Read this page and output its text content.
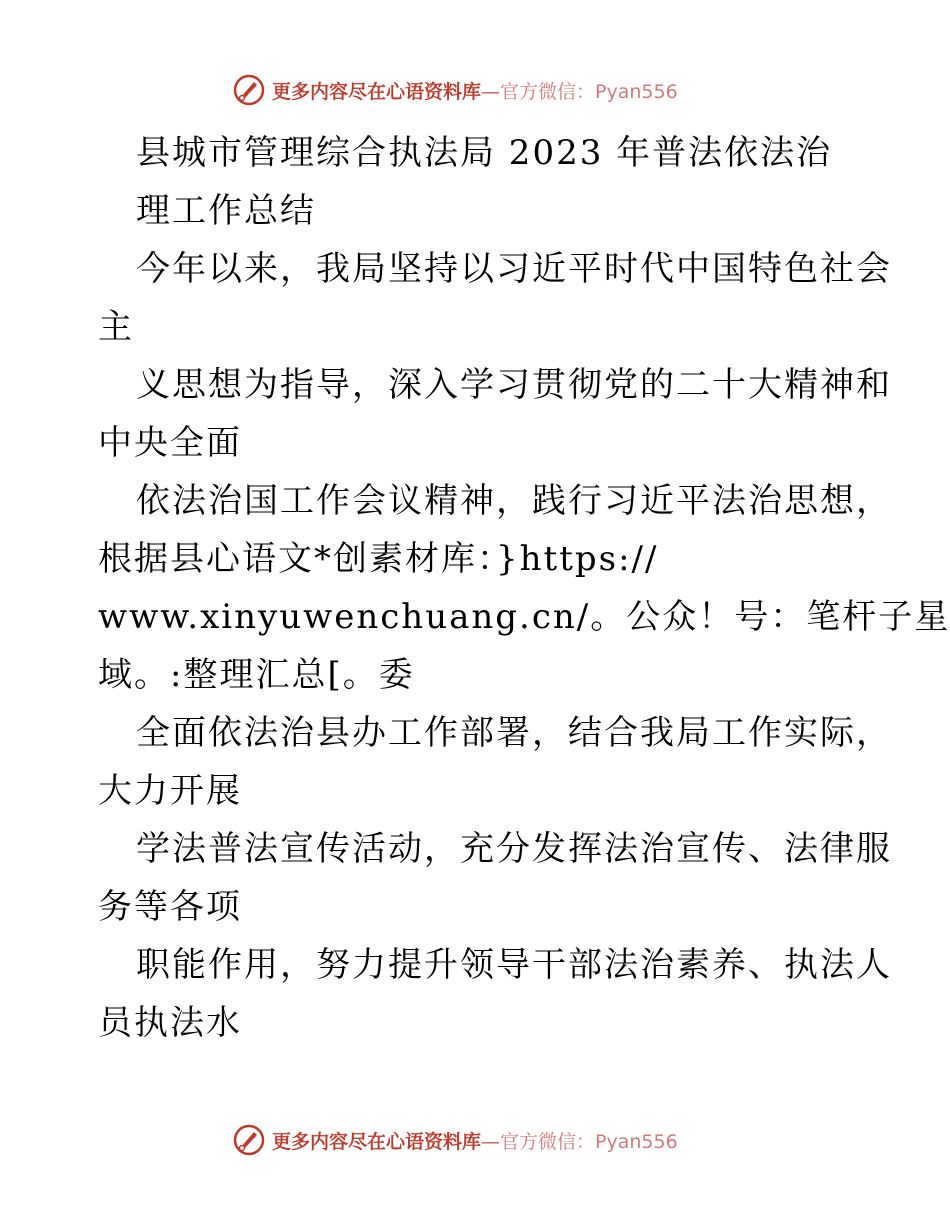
更多内容尽在心语资料库—官方微信：Pyan556
县城市管理综合执法局 2023 年普法依法治
理工作总结
今年以来，我局坚持以习近平时代中国特色社会
主
义思想为指导，深入学习贯彻党的二十大精神和
中央全面
依法治国工作会议精神，践行习近平法治思想，
根据县心语文*创素材库：}https://
www.xinyuwenchuang.cn/。公众！号：笔杆子星
域。:整理汇总[。委
全面依法治县办工作部署，结合我局工作实际，
大力开展
学法普法宣传活动，充分发挥法治宣传、法律服
务等各项
职能作用，努力提升领导干部法治素养、执法人
员执法水
更多内容尽在心语资料库—官方微信：Pyan556
